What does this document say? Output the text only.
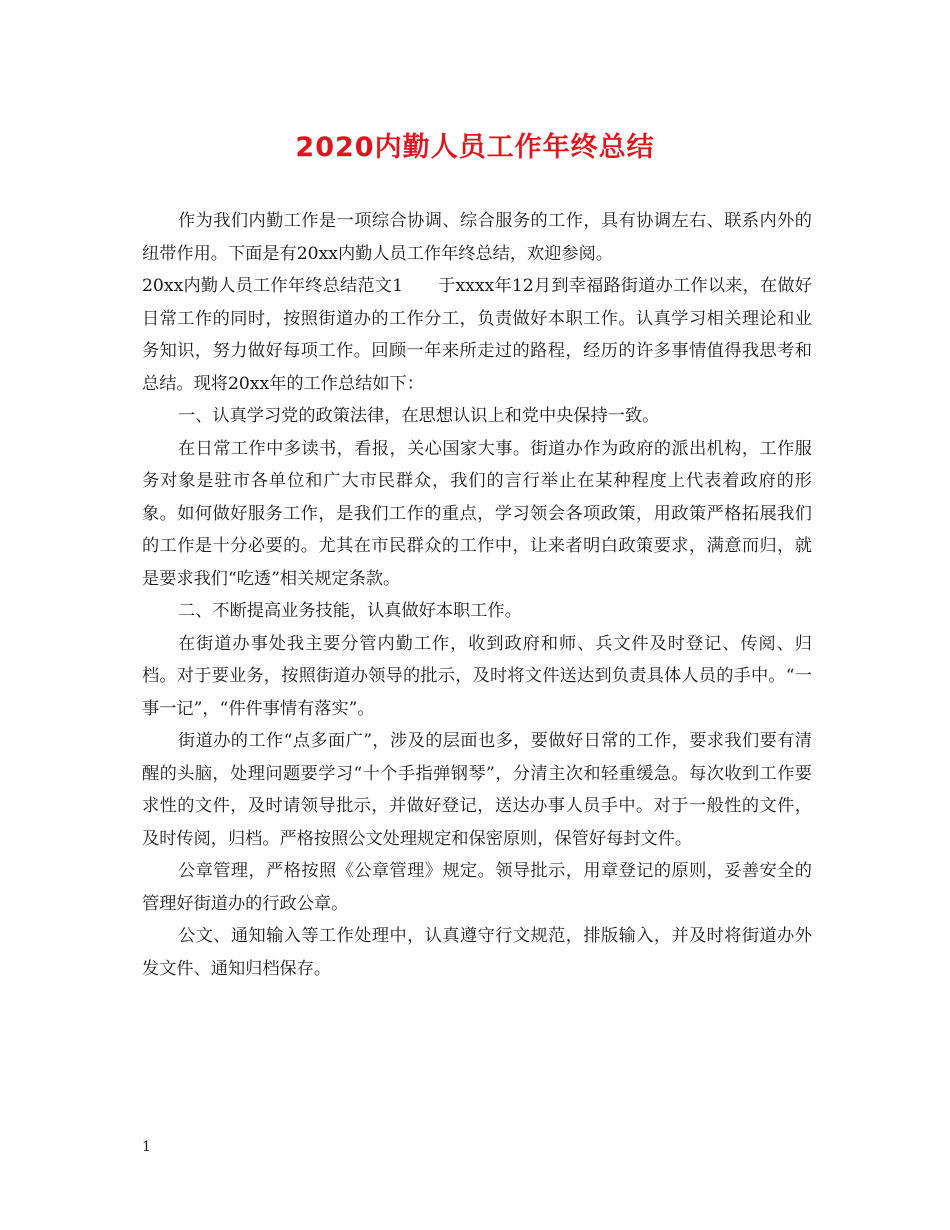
2020内勤人员工作年终总结

作为我们内勤工作是一项综合协调、综合服务的工作，具有协调左右、联系内外的纽带作用。下面是有20xx内勤人员工作年终总结，欢迎参阅。

20xx内勤人员工作年终总结范文1　　于xxxx年12月到幸福路街道办工作以来，在做好日常工作的同时，按照街道办的工作分工，负责做好本职工作。认真学习相关理论和业务知识，努力做好每项工作。回顾一年来所走过的路程，经历的许多事情值得我思考和总结。现将20xx年的工作总结如下：

一、认真学习党的政策法律，在思想认识上和党中央保持一致。

在日常工作中多读书，看报，关心国家大事。街道办作为政府的派出机构，工作服务对象是驻市各单位和广大市民群众，我们的言行举止在某种程度上代表着政府的形象。如何做好服务工作，是我们工作的重点，学习领会各项政策，用政策严格拓展我们的工作是十分必要的。尤其在市民群众的工作中，让来者明白政策要求，满意而归，就是要求我们“吃透”相关规定条款。

二、不断提高业务技能，认真做好本职工作。

在街道办事处我主要分管内勤工作，收到政府和师、兵文件及时登记、传阅、归档。对于要业务，按照街道办领导的批示，及时将文件送达到负责具体人员的手中。“一事一记”，“件件事情有落实”。

街道办的工作“点多面广”，涉及的层面也多，要做好日常的工作，要求我们要有清醒的头脑，处理问题要学习“十个手指弹钢琴”，分清主次和轻重缓急。每次收到工作要求性的文件，及时请领导批示，并做好登记，送达办事人员手中。对于一般性的文件，及时传阅，归档。严格按照公文处理规定和保密原则，保管好每封文件。

公章管理，严格按照《公章管理》规定。领导批示，用章登记的原则，妥善安全的管理好街道办的行政公章。

公文、通知输入等工作处理中，认真遵守行文规范，排版输入，并及时将街道办外发文件、通知归档保存。

1
